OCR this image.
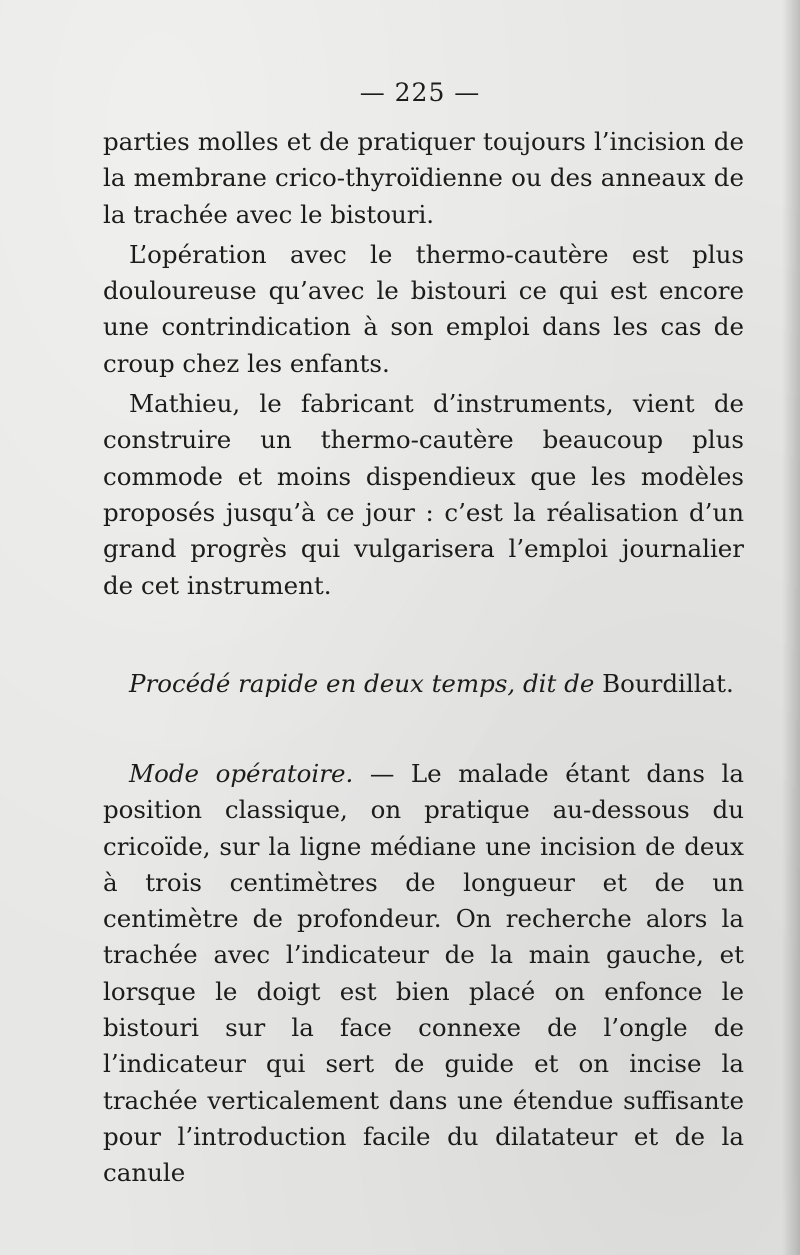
— 225 —

parties molles et de pratiquer toujours l’incision de la membrane crico-thyroïdienne ou des anneaux de la trachée avec le bistouri.

L’opération avec le thermo-cautère est plus douloureuse qu’avec le bistouri ce qui est encore une contrindication à son emploi dans les cas de croup chez les enfants.

Mathieu, le fabricant d’instruments, vient de construire un thermo-cautère beaucoup plus commode et moins dispendieux que les modèles proposés jusqu’à ce jour : c’est la réalisation d’un grand progrès qui vulgarisera l’emploi journalier de cet instrument.

Procédé rapide en deux temps, dit de Bourdillat.

Mode opératoire. — Le malade étant dans la position classique, on pratique au-dessous du cricoïde, sur la ligne médiane une incision de deux à trois centimètres de longueur et de un centimètre de profondeur. On recherche alors la trachée avec l’indicateur de la main gauche, et lorsque le doigt est bien placé on enfonce le bistouri sur la face connexe de l’ongle de l’indicateur qui sert de guide et on incise la trachée verticalement dans une étendue suffisante pour l’introduction facile du dilatateur et de la canule
